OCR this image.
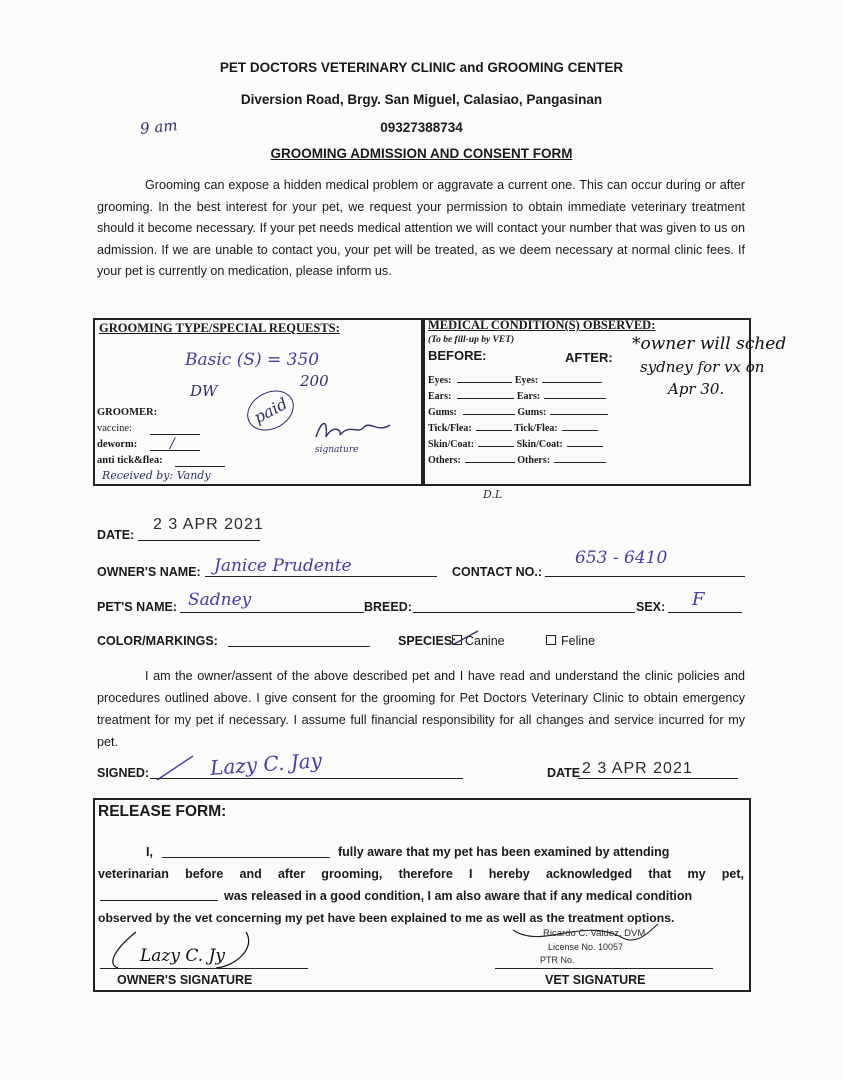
PET DOCTORS VETERINARY CLINIC and GROOMING CENTER
Diversion Road, Brgy. San Miguel, Calasiao, Pangasinan
09327388734
9 am
GROOMING ADMISSION AND CONSENT FORM
Grooming can expose a hidden medical problem or aggravate a current one. This can occur during or after grooming. In the best interest for your pet, we request your permission to obtain immediate veterinary treatment should it become necessary. If your pet needs medical attention we will contact your number that was given to us on admission. If we are unable to contact you, your pet will be treated, as we deem necessary at normal clinic fees. If your pet is currently on medication, please inform us.
GROOMING TYPE/SPECIAL REQUESTS:
Basic (S) = 350
DW
200
paid
GROOMER:
vaccine:
deworm: /
anti tick&flea:
Received by: Vandy
signature
MEDICAL CONDITION(S) OBSERVED:
(To be fill-up by VET)
BEFORE:	AFTER:
Eyes:	Eyes:
Ears:	Ears:
Gums:	Gums:
Tick/Flea:	Tick/Flea:
Skin/Coat:	Skin/Coat:
Others:	Others:
*owner will sched
sydney for vx on
Apr 30.
D.L
DATE:
2 3 APR 2021
OWNER'S NAME: Janice Prudente	CONTACT NO.:
653 - 6410
PET'S NAME: Sadney	BREED:	SEX: F
COLOR/MARKINGS:	SPECIES: Canine	Feline
I am the owner/assent of the above described pet and I have read and understand the clinic policies and procedures outlined above. I give consent for the grooming for Pet Doctors Veterinary Clinic to obtain emergency treatment for my pet if necessary. I assume full financial responsibility for all changes and service incurred for my pet.
SIGNED:	Lazy C. Jay	DATE 2 3 APR 2021
RELEASE FORM:
I,	fully aware that my pet has been examined by attending
veterinarian before and after grooming, therefore I hereby acknowledged that my pet,
was released in a good condition, I am also aware that if any medical condition
observed by the vet concerning my pet have been explained to me as well as the treatment options.
Lazy C. Jy
OWNER'S SIGNATURE
Ricardo C. Valdez, DVM
License No. 10057
PTR No.
VET SIGNATURE
